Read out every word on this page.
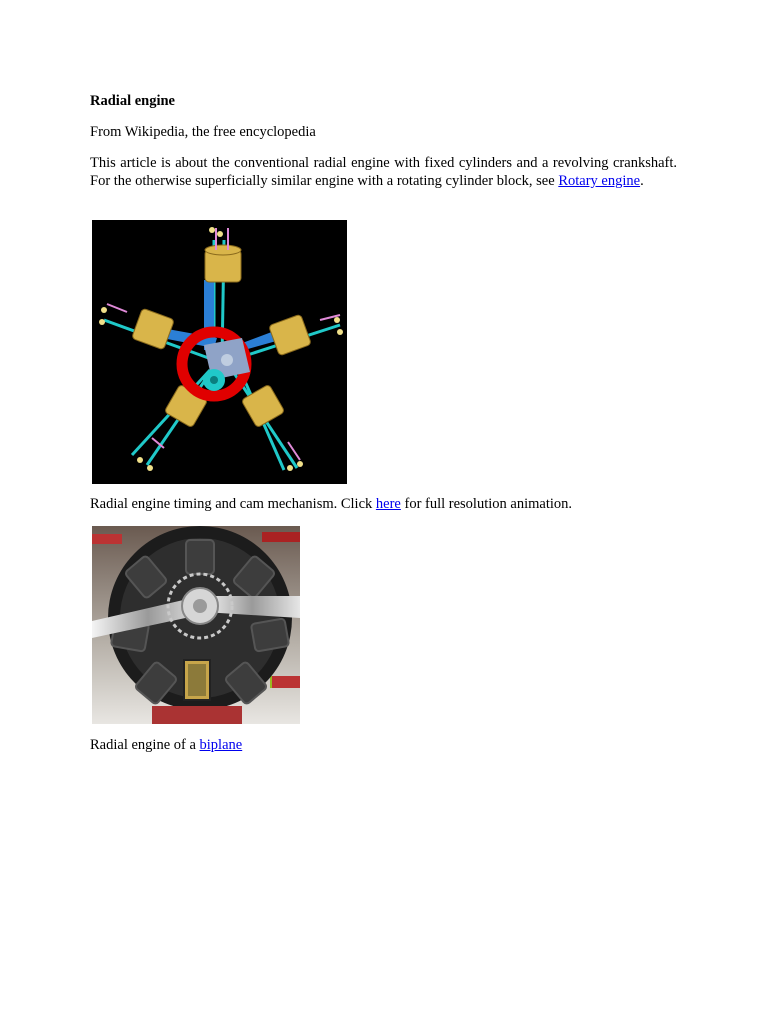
Radial engine

From Wikipedia, the free encyclopedia

This article is about the conventional radial engine with fixed cylinders and a revolving crankshaft. For the otherwise superficially similar engine with a rotating cylinder block, see Rotary engine.

Radial engine timing and cam mechanism. Click here for full resolution animation.

Radial engine of a biplane
